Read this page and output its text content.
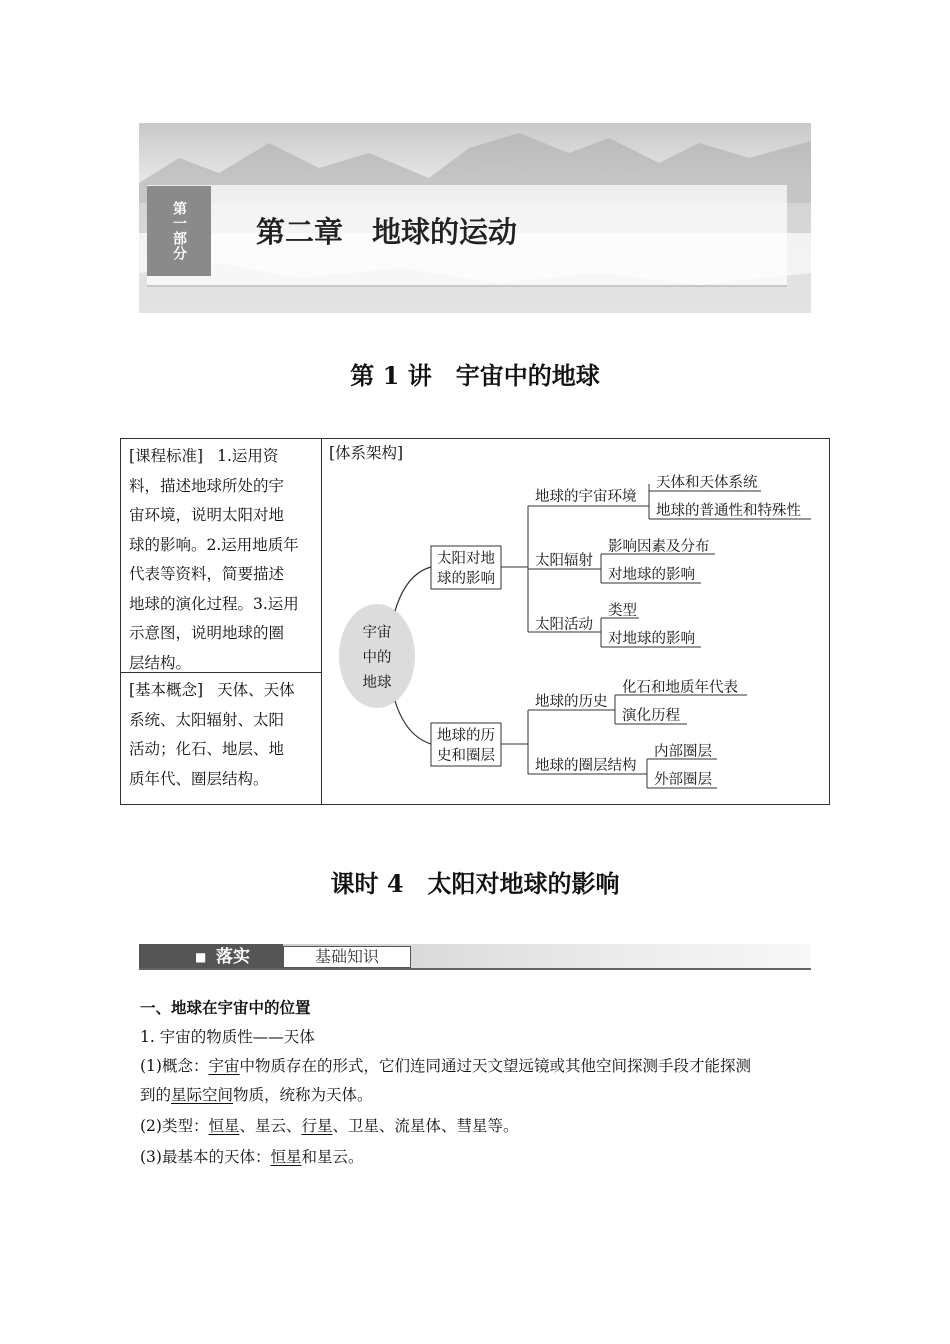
第一部分	第二章　地球的运动
第 1 讲　宇宙中的地球
[课程标准] 1.运用资
料，描述地球所处的宇
宙环境，说明太阳对地
球的影响。2.运用地质年
代表等资料，简要描述
地球的演化过程。3.运用
示意图，说明地球的圈
层结构。
[基本概念] 天体、天体
系统、太阳辐射、太阳
活动；化石、地层、地
质年代、圈层结构。
[体系架构]
宇宙
中的
地球
太阳对地
球的影响
地球的宇宙环境
天体和天体系统
地球的普通性和特殊性
太阳辐射
影响因素及分布
对地球的影响
太阳活动
类型
对地球的影响
地球的历
史和圈层
地球的历史
化石和地质年代表
演化历程
地球的圈层结构
内部圈层
外部圈层
课时 4　太阳对地球的影响
■ 落实	基础知识
一、地球在宇宙中的位置
1. 宇宙的物质性——天体
(1)概念：宇宙中物质存在的形式，它们连同通过天文望远镜或其他空间探测手段才能探测
到的星际空间物质，统称为天体。
(2)类型：恒星、星云、行星、卫星、流星体、彗星等。
(3)最基本的天体：恒星和星云。
